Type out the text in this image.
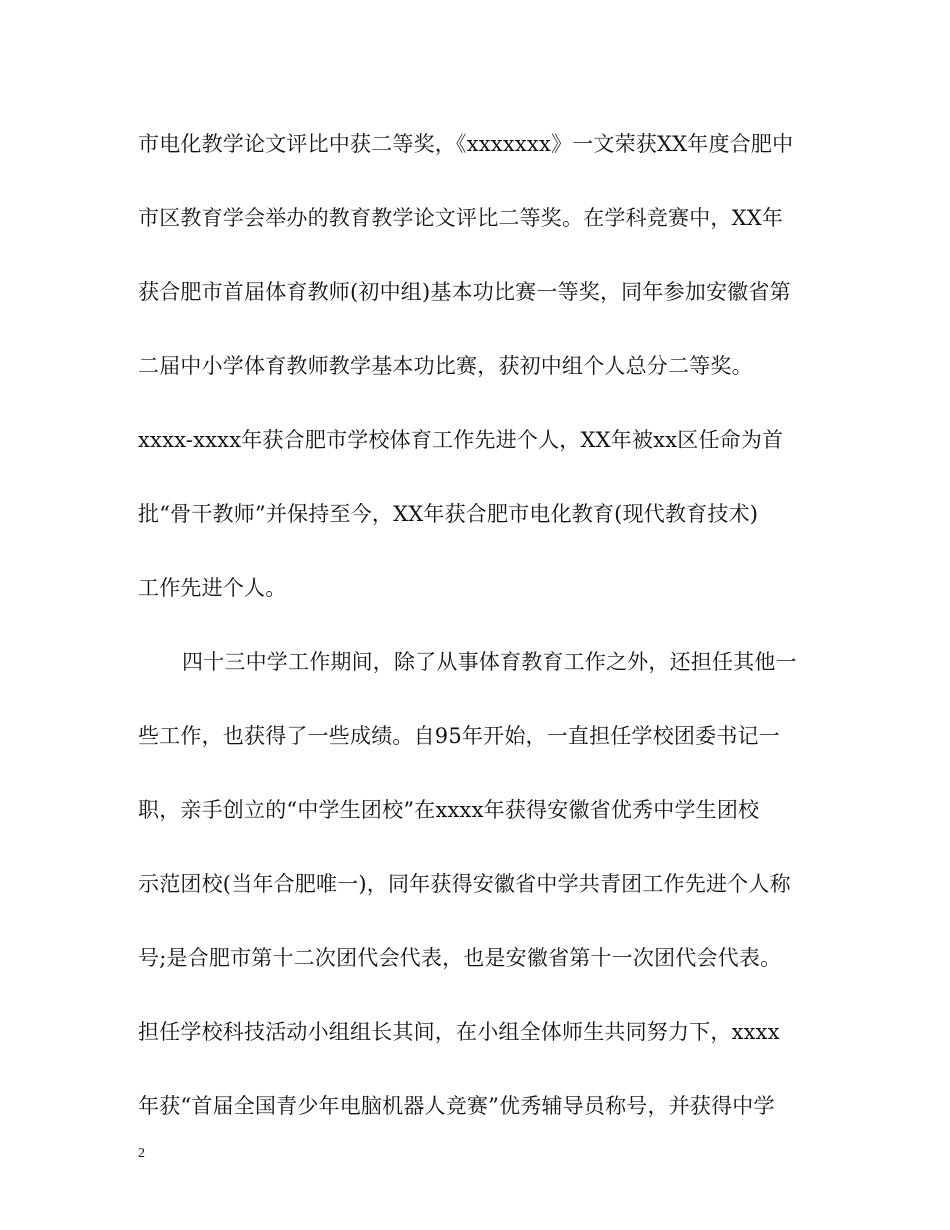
市电化教学论文评比中获二等奖，《xxxxxxx》一文荣获XX年度合肥中
市区教育学会举办的教育教学论文评比二等奖。在学科竞赛中，XX年
获合肥市首届体育教师(初中组)基本功比赛一等奖，同年参加安徽省第
二届中小学体育教师教学基本功比赛，获初中组个人总分二等奖。
xxxx-xxxx年获合肥市学校体育工作先进个人，XX年被xx区任命为首
批“骨干教师”并保持至今，XX年获合肥市电化教育(现代教育技术)
工作先进个人。
四十三中学工作期间，除了从事体育教育工作之外，还担任其他一
些工作，也获得了一些成绩。自95年开始，一直担任学校团委书记一
职，亲手创立的“中学生团校”在xxxx年获得安徽省优秀中学生团校
示范团校(当年合肥唯一)，同年获得安徽省中学共青团工作先进个人称
号;是合肥市第十二次团代会代表，也是安徽省第十一次团代会代表。
担任学校科技活动小组组长其间，在小组全体师生共同努力下，xxxx
年获“首届全国青少年电脑机器人竞赛”优秀辅导员称号，并获得中学
2
